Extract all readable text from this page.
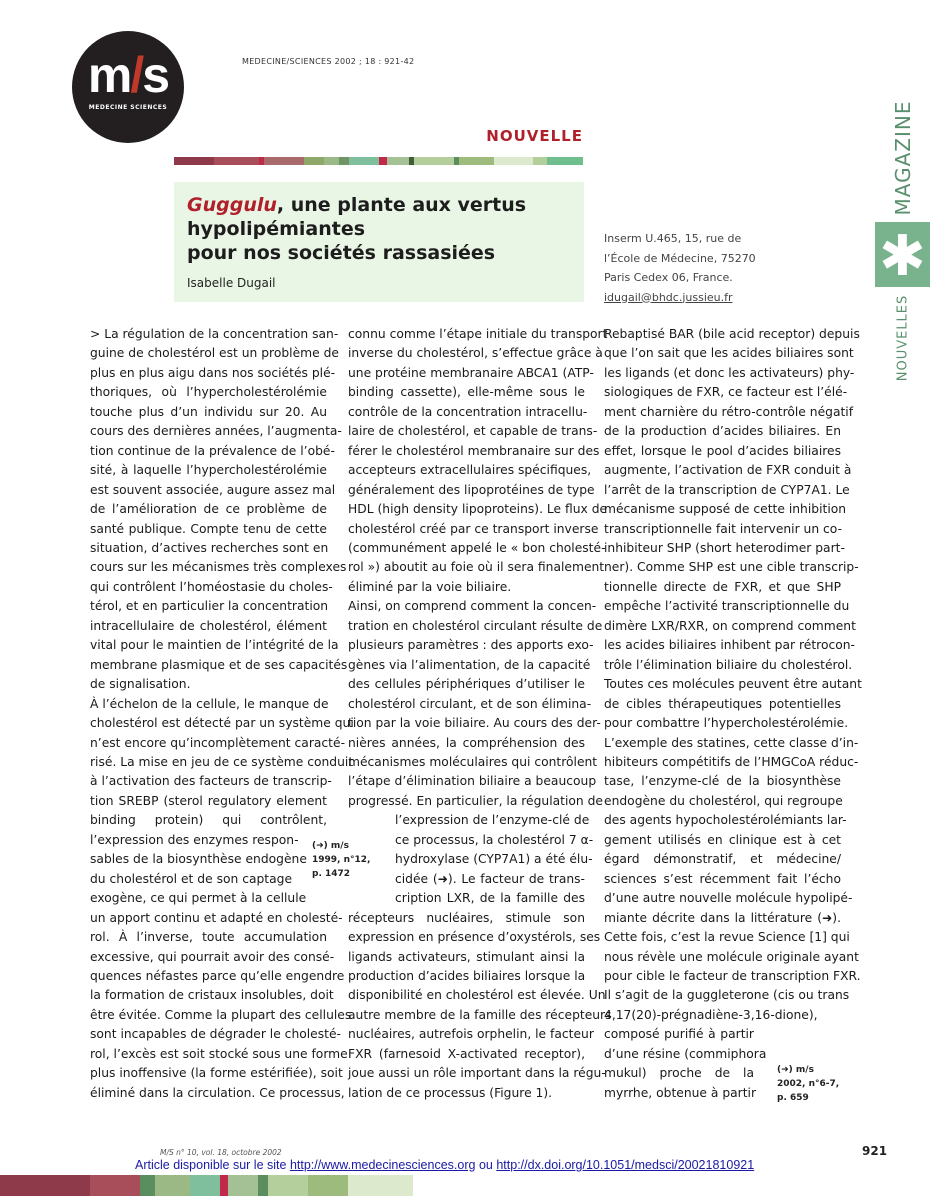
m/s
MEDECINE SCIENCES
MEDECINE/SCIENCES 2002 ; 18 : 921-42
NOUVELLE
Guggulu, une plante aux vertus
hypolipémiantes
pour nos sociétés rassasiées
Isabelle Dugail
Inserm U.465, 15, rue de
l’École de Médecine, 75270
Paris Cedex 06, France.
idugail@bhdc.jussieu.fr
MAGAZINE
✱
NOUVELLES
> La régulation de la concentration san-
guine de cholestérol est un problème de
plus en plus aigu dans nos sociétés plé-
thoriques, où l’hypercholestérolémie
touche plus d’un individu sur 20. Au
cours des dernières années, l’augmenta-
tion continue de la prévalence de l’obé-
sité, à laquelle l’hypercholestérolémie
est souvent associée, augure assez mal
de l’amélioration de ce problème de
santé publique. Compte tenu de cette
situation, d’actives recherches sont en
cours sur les mécanismes très complexes
qui contrôlent l’homéostasie du choles-
térol, et en particulier la concentration
intracellulaire de cholestérol, élément
vital pour le maintien de l’intégrité de la
membrane plasmique et de ses capacités
de signalisation.
À l’échelon de la cellule, le manque de
cholestérol est détecté par un système qui
n’est encore qu’incomplètement caracté-
risé. La mise en jeu de ce système conduit
à l’activation des facteurs de transcrip-
tion SREBP (sterol regulatory element
binding protein) qui contrôlent,
l’expression des enzymes respon-
sables de la biosynthèse endogène
du cholestérol et de son captage
exogène, ce qui permet à la cellule
un apport continu et adapté en cholesté-
rol. À l’inverse, toute accumulation
excessive, qui pourrait avoir des consé-
quences néfastes parce qu’elle engendre
la formation de cristaux insolubles, doit
être évitée. Comme la plupart des cellules
sont incapables de dégrader le cholesté-
rol, l’excès est soit stocké sous une forme
plus inoffensive (la forme estérifiée), soit
éliminé dans la circulation. Ce processus,
connu comme l’étape initiale du transport
inverse du cholestérol, s’effectue grâce à
une protéine membranaire ABCA1 (ATP-
binding cassette), elle-même sous le
contrôle de la concentration intracellu-
laire de cholestérol, et capable de trans-
férer le cholestérol membranaire sur des
accepteurs extracellulaires spécifiques,
généralement des lipoprotéines de type
HDL (high density lipoproteins). Le flux de
cholestérol créé par ce transport inverse
(communément appelé le « bon cholesté-
rol ») aboutit au foie où il sera finalement
éliminé par la voie biliaire.
Ainsi, on comprend comment la concen-
tration en cholestérol circulant résulte de
plusieurs paramètres : des apports exo-
gènes via l’alimentation, de la capacité
des cellules périphériques d’utiliser le
cholestérol circulant, et de son élimina-
tion par la voie biliaire. Au cours des der-
nières années, la compréhension des
mécanismes moléculaires qui contrôlent
l’étape d’élimination biliaire a beaucoup
progressé. En particulier, la régulation de
l’expression de l’enzyme-clé de
ce processus, la cholestérol 7 α-
hydroxylase (CYP7A1) a été élu-
cidée (➜). Le facteur de trans-
cription LXR, de la famille des
récepteurs nucléaires, stimule son
expression en présence d’oxystérols, ses
ligands activateurs, stimulant ainsi la
production d’acides biliaires lorsque la
disponibilité en cholestérol est élevée. Un
autre membre de la famille des récepteurs
nucléaires, autrefois orphelin, le facteur
FXR (farnesoid X-activated receptor),
joue aussi un rôle important dans la régu-
lation de ce processus (Figure 1).
Rebaptisé BAR (bile acid receptor) depuis
que l’on sait que les acides biliaires sont
les ligands (et donc les activateurs) phy-
siologiques de FXR, ce facteur est l’élé-
ment charnière du rétro-contrôle négatif
de la production d’acides biliaires. En
effet, lorsque le pool d’acides biliaires
augmente, l’activation de FXR conduit à
l’arrêt de la transcription de CYP7A1. Le
mécanisme supposé de cette inhibition
transcriptionnelle fait intervenir un co-
inhibiteur SHP (short heterodimer part-
ner). Comme SHP est une cible transcrip-
tionnelle directe de FXR, et que SHP
empêche l’activité transcriptionnelle du
dimère LXR/RXR, on comprend comment
les acides biliaires inhibent par rétrocon-
trôle l’élimination biliaire du cholestérol.
Toutes ces molécules peuvent être autant
de cibles thérapeutiques potentielles
pour combattre l’hypercholestérolémie.
L’exemple des statines, cette classe d’in-
hibiteurs compétitifs de l’HMGCoA réduc-
tase, l’enzyme-clé de la biosynthèse
endogène du cholestérol, qui regroupe
des agents hypocholestérolémiants lar-
gement utilisés en clinique est à cet
égard démonstratif, et médecine/
sciences s’est récemment fait l’écho
d’une autre nouvelle molécule hypolipé-
miante décrite dans la littérature (➜).
Cette fois, c’est la revue Science [1] qui
nous révèle une molécule originale ayant
pour cible le facteur de transcription FXR.
Il s’agit de la guggleterone (cis ou trans
4,17(20)-prégnadiène-3,16-dione),
composé purifié à partir
d’une résine (commiphora
mukul) proche de la
myrrhe, obtenue à partir
(➜) m/s
1999, n°12,
p. 1472
(➜) m/s
2002, n°6-7,
p. 659
M/S n° 10, vol. 18, octobre 2002	921
Article disponible sur le site http://www.medecinesciences.org ou http://dx.doi.org/10.1051/medsci/20021810921
